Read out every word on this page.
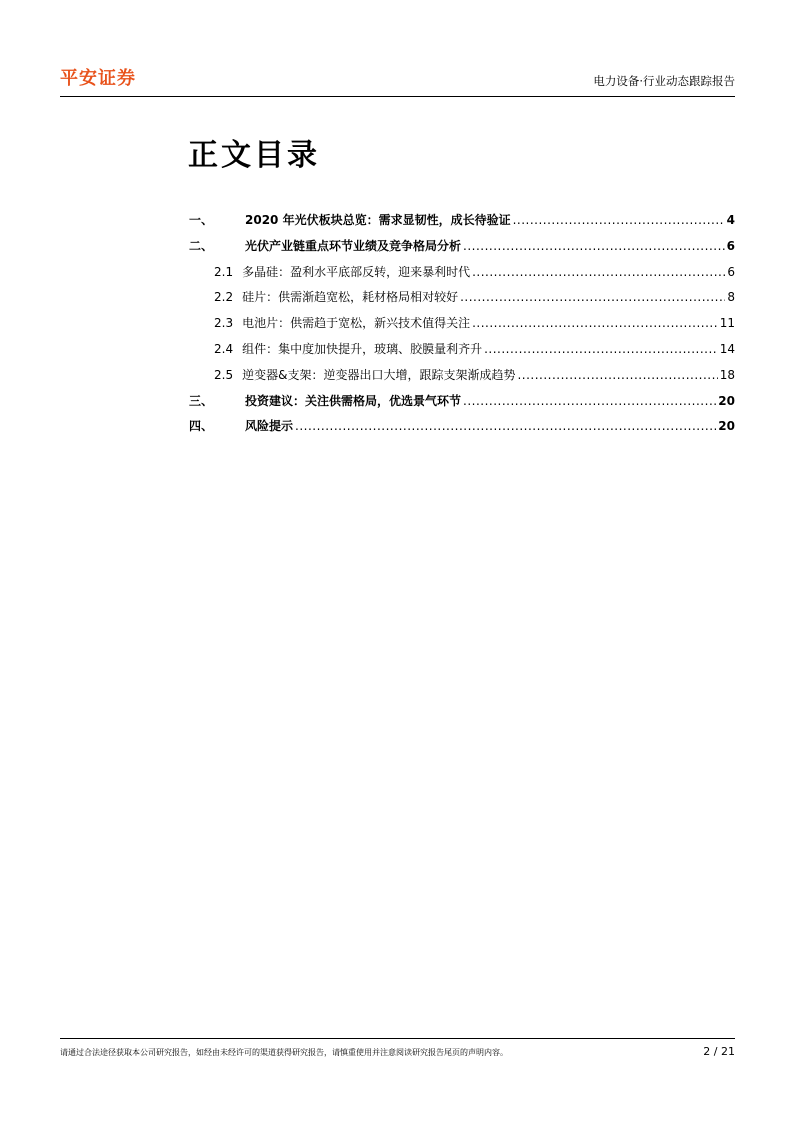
平安证券	电力设备·行业动态跟踪报告
正文目录
一、	2020 年光伏板块总览：需求显韧性，成长待验证 .....	4
二、	光伏产业链重点环节业绩及竞争格局分析 .....	6
2.1 多晶硅：盈利水平底部反转，迎来暴利时代 .....	6
2.2 硅片：供需渐趋宽松，耗材格局相对较好 .....	8
2.3 电池片：供需趋于宽松，新兴技术值得关注 .....	11
2.4 组件：集中度加快提升，玻璃、胶膜量利齐升 .....	14
2.5 逆变器&支架：逆变器出口大增，跟踪支架渐成趋势 .....	18
三、	投资建议：关注供需格局，优选景气环节 .....	20
四、	风险提示 .....	20
请通过合法途径获取本公司研究报告，如经由未经许可的渠道获得研究报告，请慎重使用并注意阅读研究报告尾页的声明内容。	2 / 21
